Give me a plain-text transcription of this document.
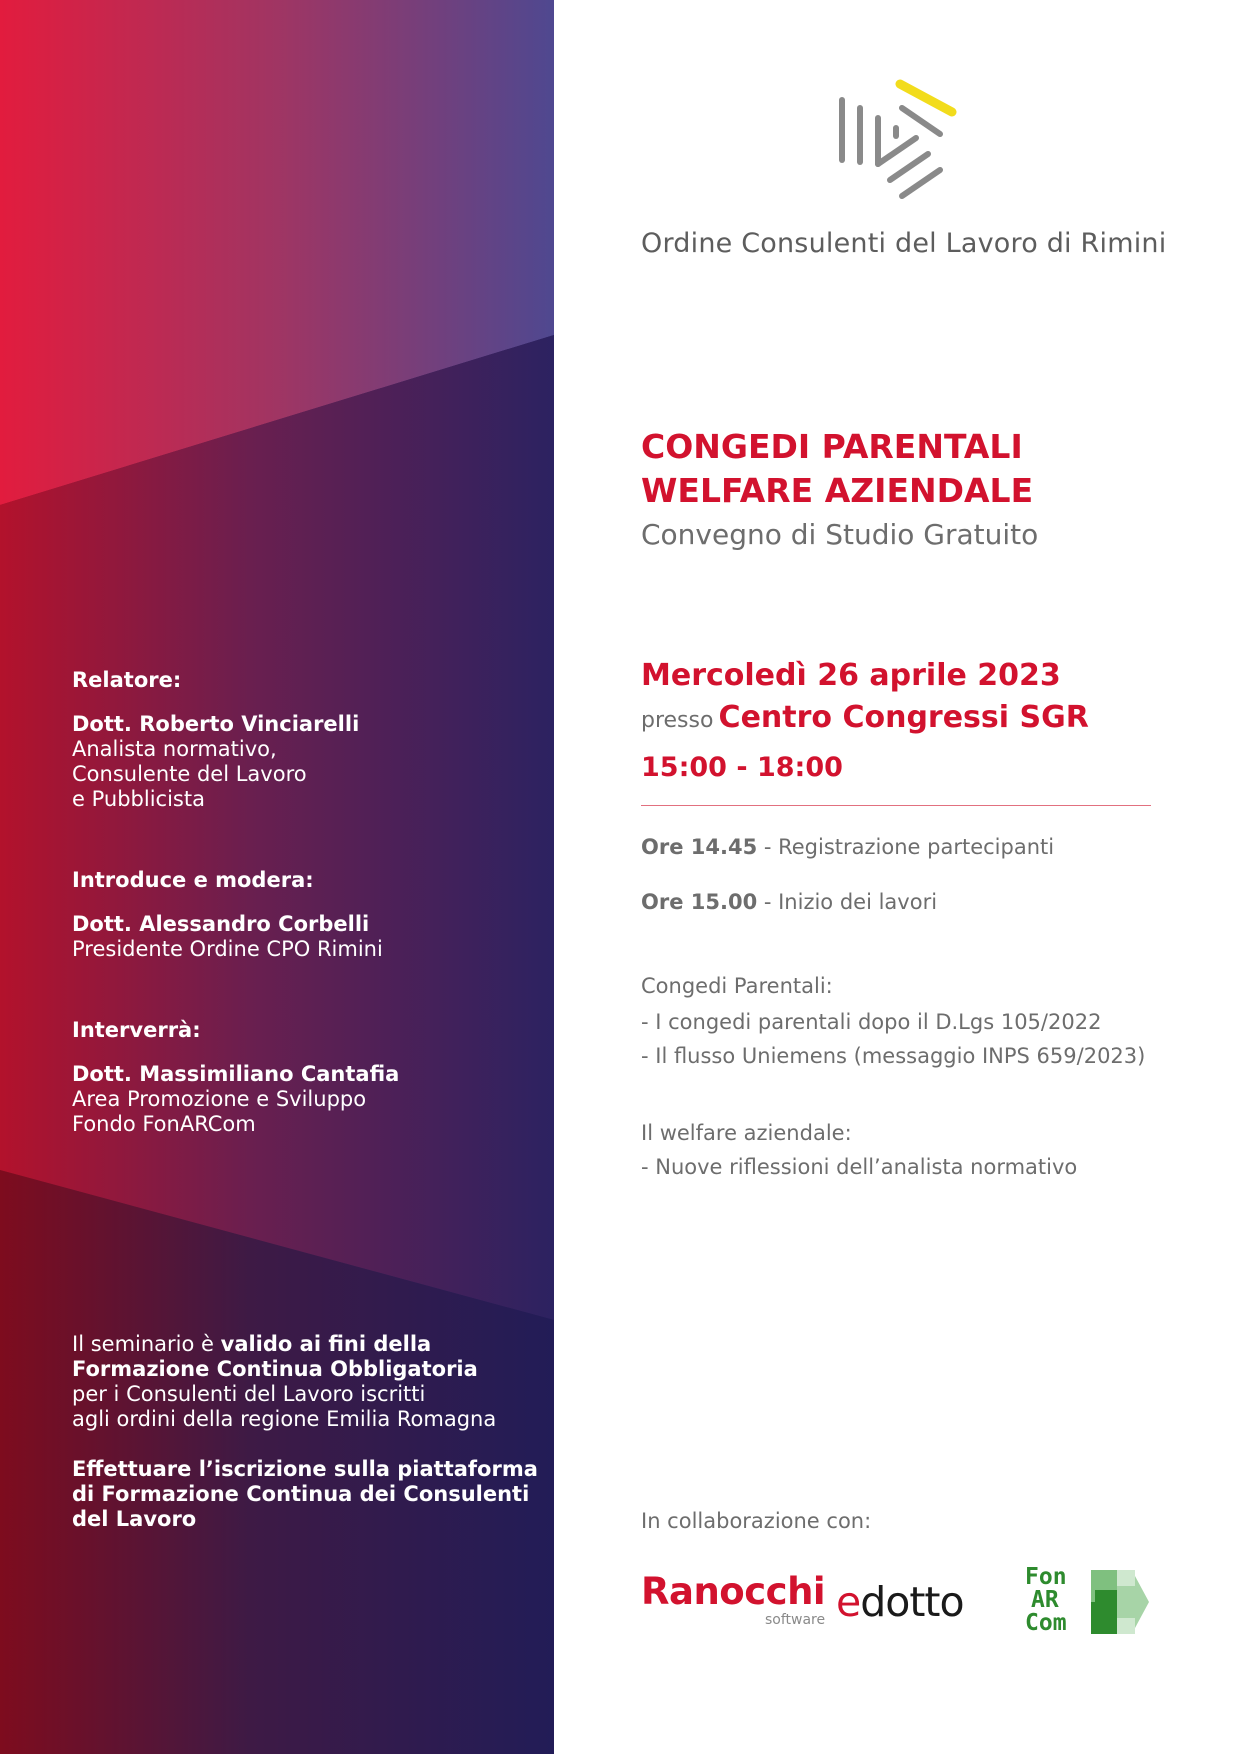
Relatore:

Dott. Roberto Vinciarelli

Analista normativo,

Consulente del Lavoro

e Pubblicista

Introduce e modera:

Dott. Alessandro Corbelli

Presidente Ordine CPO Rimini

Interverrà:

Dott. Massimiliano Cantafia

Area Promozione e Sviluppo

Fondo FonARCom

Il seminario è valido ai fini della

Formazione Continua Obbligatoria

per i Consulenti del Lavoro iscritti

agli ordini della regione Emilia Romagna

Effettuare l’iscrizione sulla piattaforma

di Formazione Continua dei Consulenti

del Lavoro

Ordine Consulenti del Lavoro di Rimini
CONGEDI PARENTALI
WELFARE AZIENDALE
Convegno di Studio Gratuito
Mercoledì 26 aprile 2023
presso Centro Congressi SGR
15:00 - 18:00
Ore 14.45 - Registrazione partecipanti
Ore 15.00 - Inizio dei lavori
Congedi Parentali:
- I congedi parentali dopo il D.Lgs 105/2022
- Il flusso Uniemens (messaggio INPS 659/2023)
Il welfare aziendale:
- Nuove riflessioni dell’analista normativo
In collaborazione con:
Ranocchi
software edotto
Fon
AR
Com
